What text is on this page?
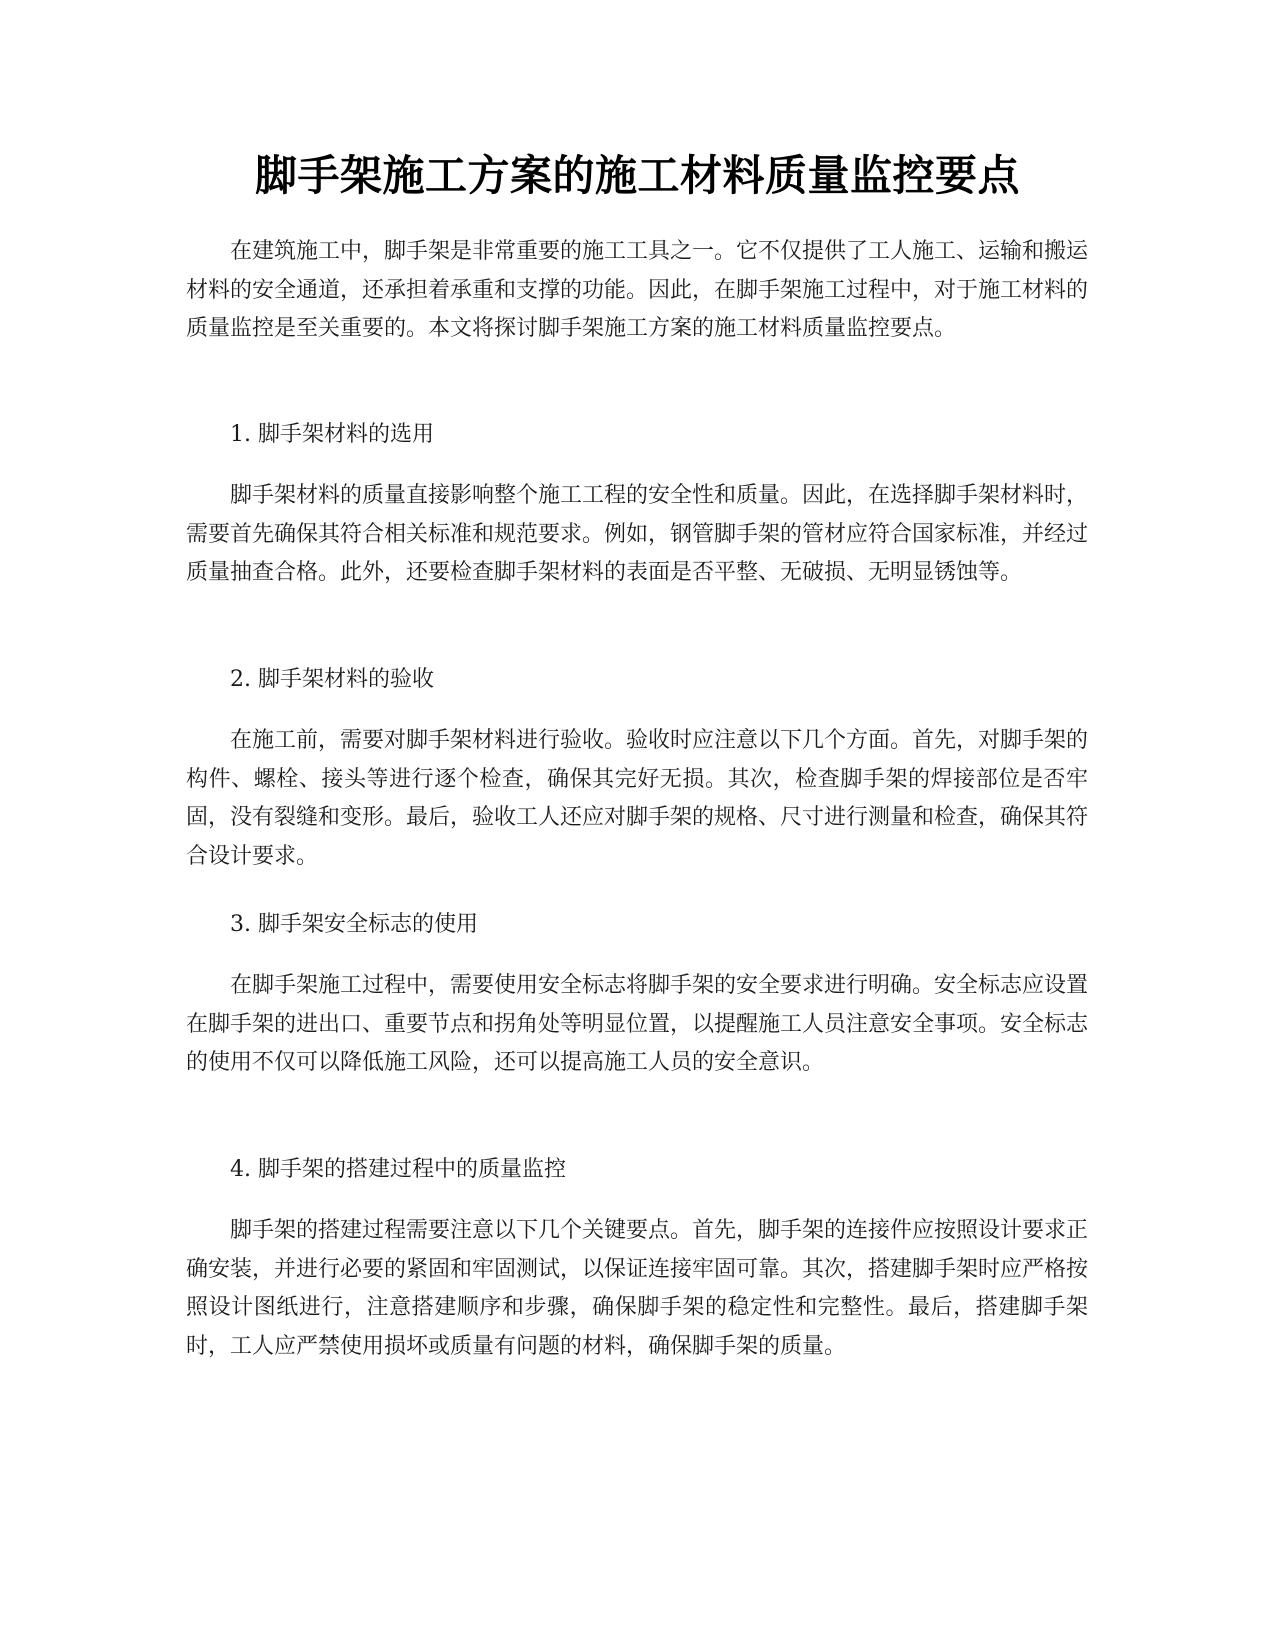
脚手架施工方案的施工材料质量监控要点

在建筑施工中，脚手架是非常重要的施工工具之一。它不仅提供了工人施工、运输和搬运材料的安全通道，还承担着承重和支撑的功能。因此，在脚手架施工过程中，对于施工材料的质量监控是至关重要的。本文将探讨脚手架施工方案的施工材料质量监控要点。

1. 脚手架材料的选用

脚手架材料的质量直接影响整个施工工程的安全性和质量。因此，在选择脚手架材料时，需要首先确保其符合相关标准和规范要求。例如，钢管脚手架的管材应符合国家标准，并经过质量抽查合格。此外，还要检查脚手架材料的表面是否平整、无破损、无明显锈蚀等。

2. 脚手架材料的验收

在施工前，需要对脚手架材料进行验收。验收时应注意以下几个方面。首先，对脚手架的构件、螺栓、接头等进行逐个检查，确保其完好无损。其次，检查脚手架的焊接部位是否牢固，没有裂缝和变形。最后，验收工人还应对脚手架的规格、尺寸进行测量和检查，确保其符合设计要求。

3. 脚手架安全标志的使用

在脚手架施工过程中，需要使用安全标志将脚手架的安全要求进行明确。安全标志应设置在脚手架的进出口、重要节点和拐角处等明显位置，以提醒施工人员注意安全事项。安全标志的使用不仅可以降低施工风险，还可以提高施工人员的安全意识。

4. 脚手架的搭建过程中的质量监控

脚手架的搭建过程需要注意以下几个关键要点。首先，脚手架的连接件应按照设计要求正确安装，并进行必要的紧固和牢固测试，以保证连接牢固可靠。其次，搭建脚手架时应严格按照设计图纸进行，注意搭建顺序和步骤，确保脚手架的稳定性和完整性。最后，搭建脚手架时，工人应严禁使用损坏或质量有问题的材料，确保脚手架的质量。
